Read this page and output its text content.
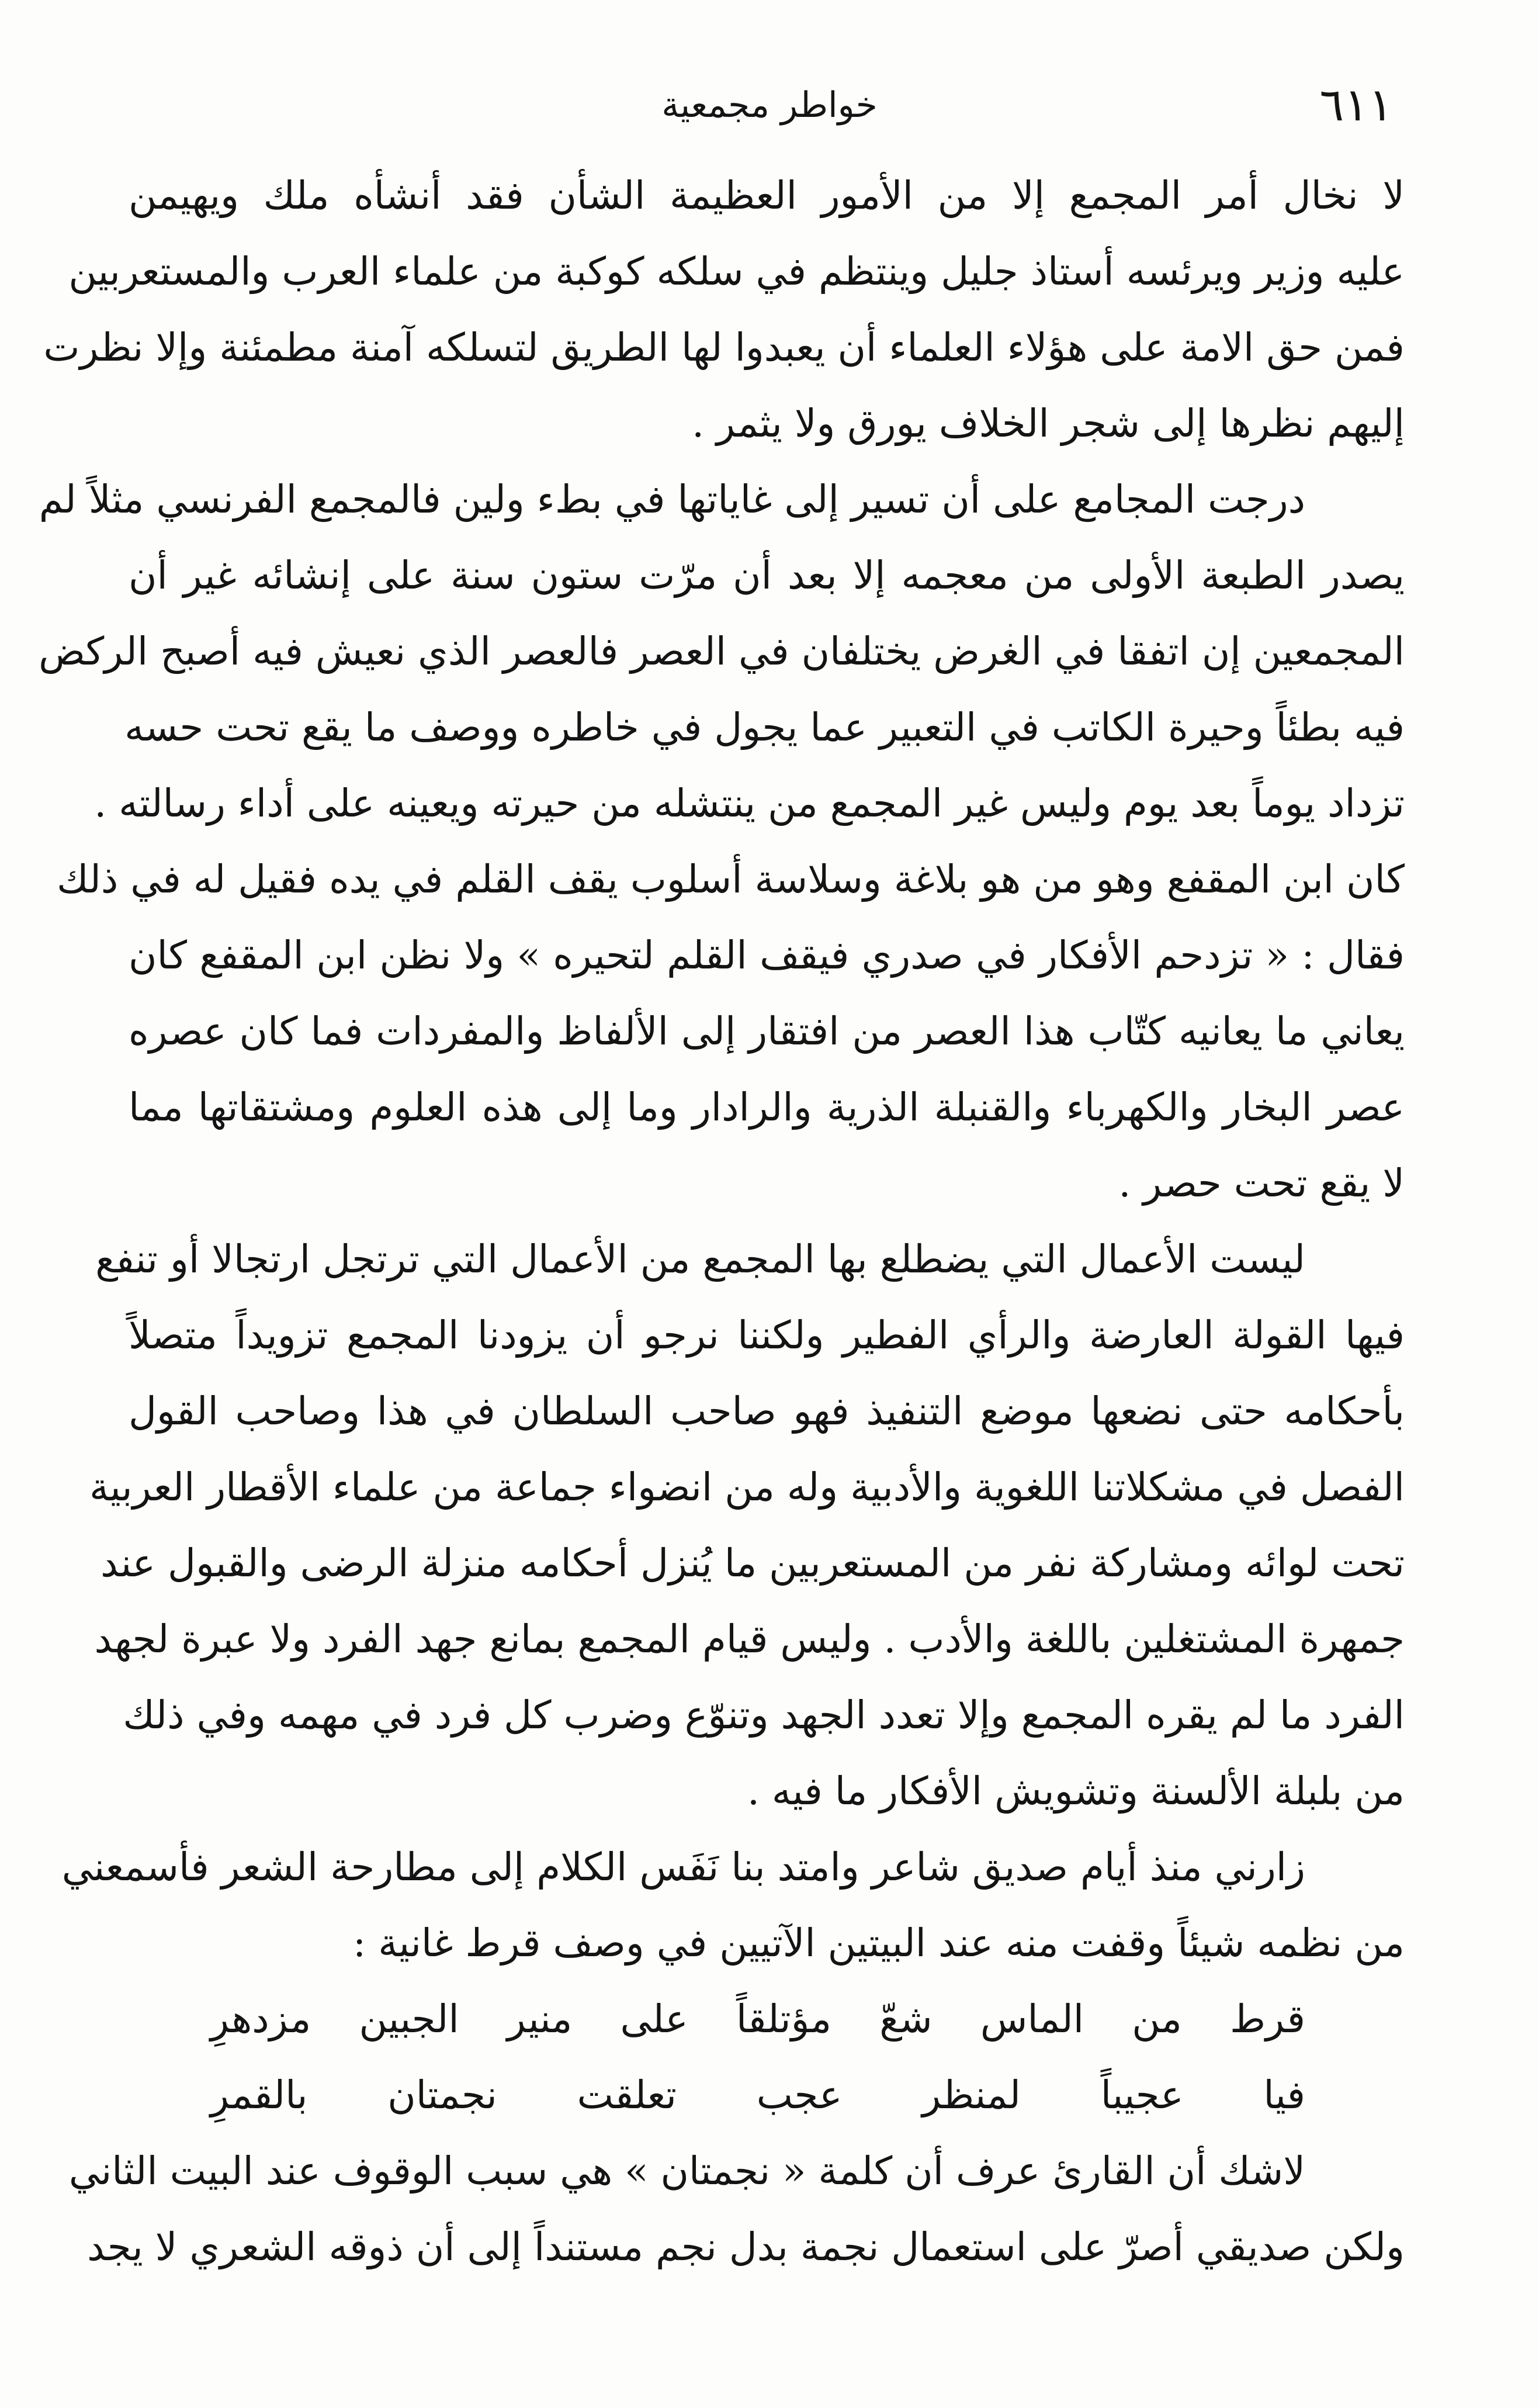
٦١١
خواطر مجمعية
لا نخال أمر المجمع إلا من الأمور العظيمة الشأن فقد أنشأه ملك ويهيمن
عليه وزير ويرئسه أستاذ جليل وينتظم في سلكه كوكبة من علماء العرب والمستعربين
فمن حق الامة على هؤلاء العلماء أن يعبدوا لها الطريق لتسلكه آمنة مطمئنة وإلا نظرت
إليهم نظرها إلى شجر الخلاف يورق ولا يثمر .
درجت المجامع على أن تسير إلى غاياتها في بطء ولين فالمجمع الفرنسي مثلاً لم
يصدر الطبعة الأولى من معجمه إلا بعد أن مرّت ستون سنة على إنشائه غير أن
المجمعين إن اتفقا في الغرض يختلفان في العصر فالعصر الذي نعيش فيه أصبح الركض
فيه بطئاً وحيرة الكاتب في التعبير عما يجول في خاطره ووصف ما يقع تحت حسه
تزداد يوماً بعد يوم وليس غير المجمع من ينتشله من حيرته ويعينه على أداء رسالته .
كان ابن المقفع وهو من هو بلاغة وسلاسة أسلوب يقف القلم في يده فقيل له في ذلك
فقال : « تزدحم الأفكار في صدري فيقف القلم لتحيره » ولا نظن ابن المقفع كان
يعاني ما يعانيه كتّاب هذا العصر من افتقار إلى الألفاظ والمفردات فما كان عصره
عصر البخار والكهرباء والقنبلة الذرية والرادار وما إلى هذه العلوم ومشتقاتها مما
لا يقع تحت حصر .
ليست الأعمال التي يضطلع بها المجمع من الأعمال التي ترتجل ارتجالا أو تنفع
فيها القولة العارضة والرأي الفطير ولكننا نرجو أن يزودنا المجمع تزويداً متصلاً
بأحكامه حتى نضعها موضع التنفيذ فهو صاحب السلطان في هذا وصاحب القول
الفصل في مشكلاتنا اللغوية والأدبية وله من انضواء جماعة من علماء الأقطار العربية
تحت لوائه ومشاركة نفر من المستعربين ما يُنزل أحكامه منزلة الرضى والقبول عند
جمهرة المشتغلين باللغة والأدب . وليس قيام المجمع بمانع جهد الفرد ولا عبرة لجهد
الفرد ما لم يقره المجمع وإلا تعدد الجهد وتنوّع وضرب كل فرد في مهمه وفي ذلك
من بلبلة الألسنة وتشويش الأفكار ما فيه .
زارني منذ أيام صديق شاعر وامتد بنا نَفَس الكلام إلى مطارحة الشعر فأسمعني
من نظمه شيئاً وقفت منه عند البيتين الآتيين في وصف قرط غانية :
قرط من الماس شعّ مؤتلقاً على منير الجبين مزدهرِ
فيا عجيباً لمنظر عجب تعلقت نجمتان بالقمرِ
لاشك أن القارئ عرف أن كلمة « نجمتان » هي سبب الوقوف عند البيت الثاني
ولكن صديقي أصرّ على استعمال نجمة بدل نجم مستنداً إلى أن ذوقه الشعري لا يجد
